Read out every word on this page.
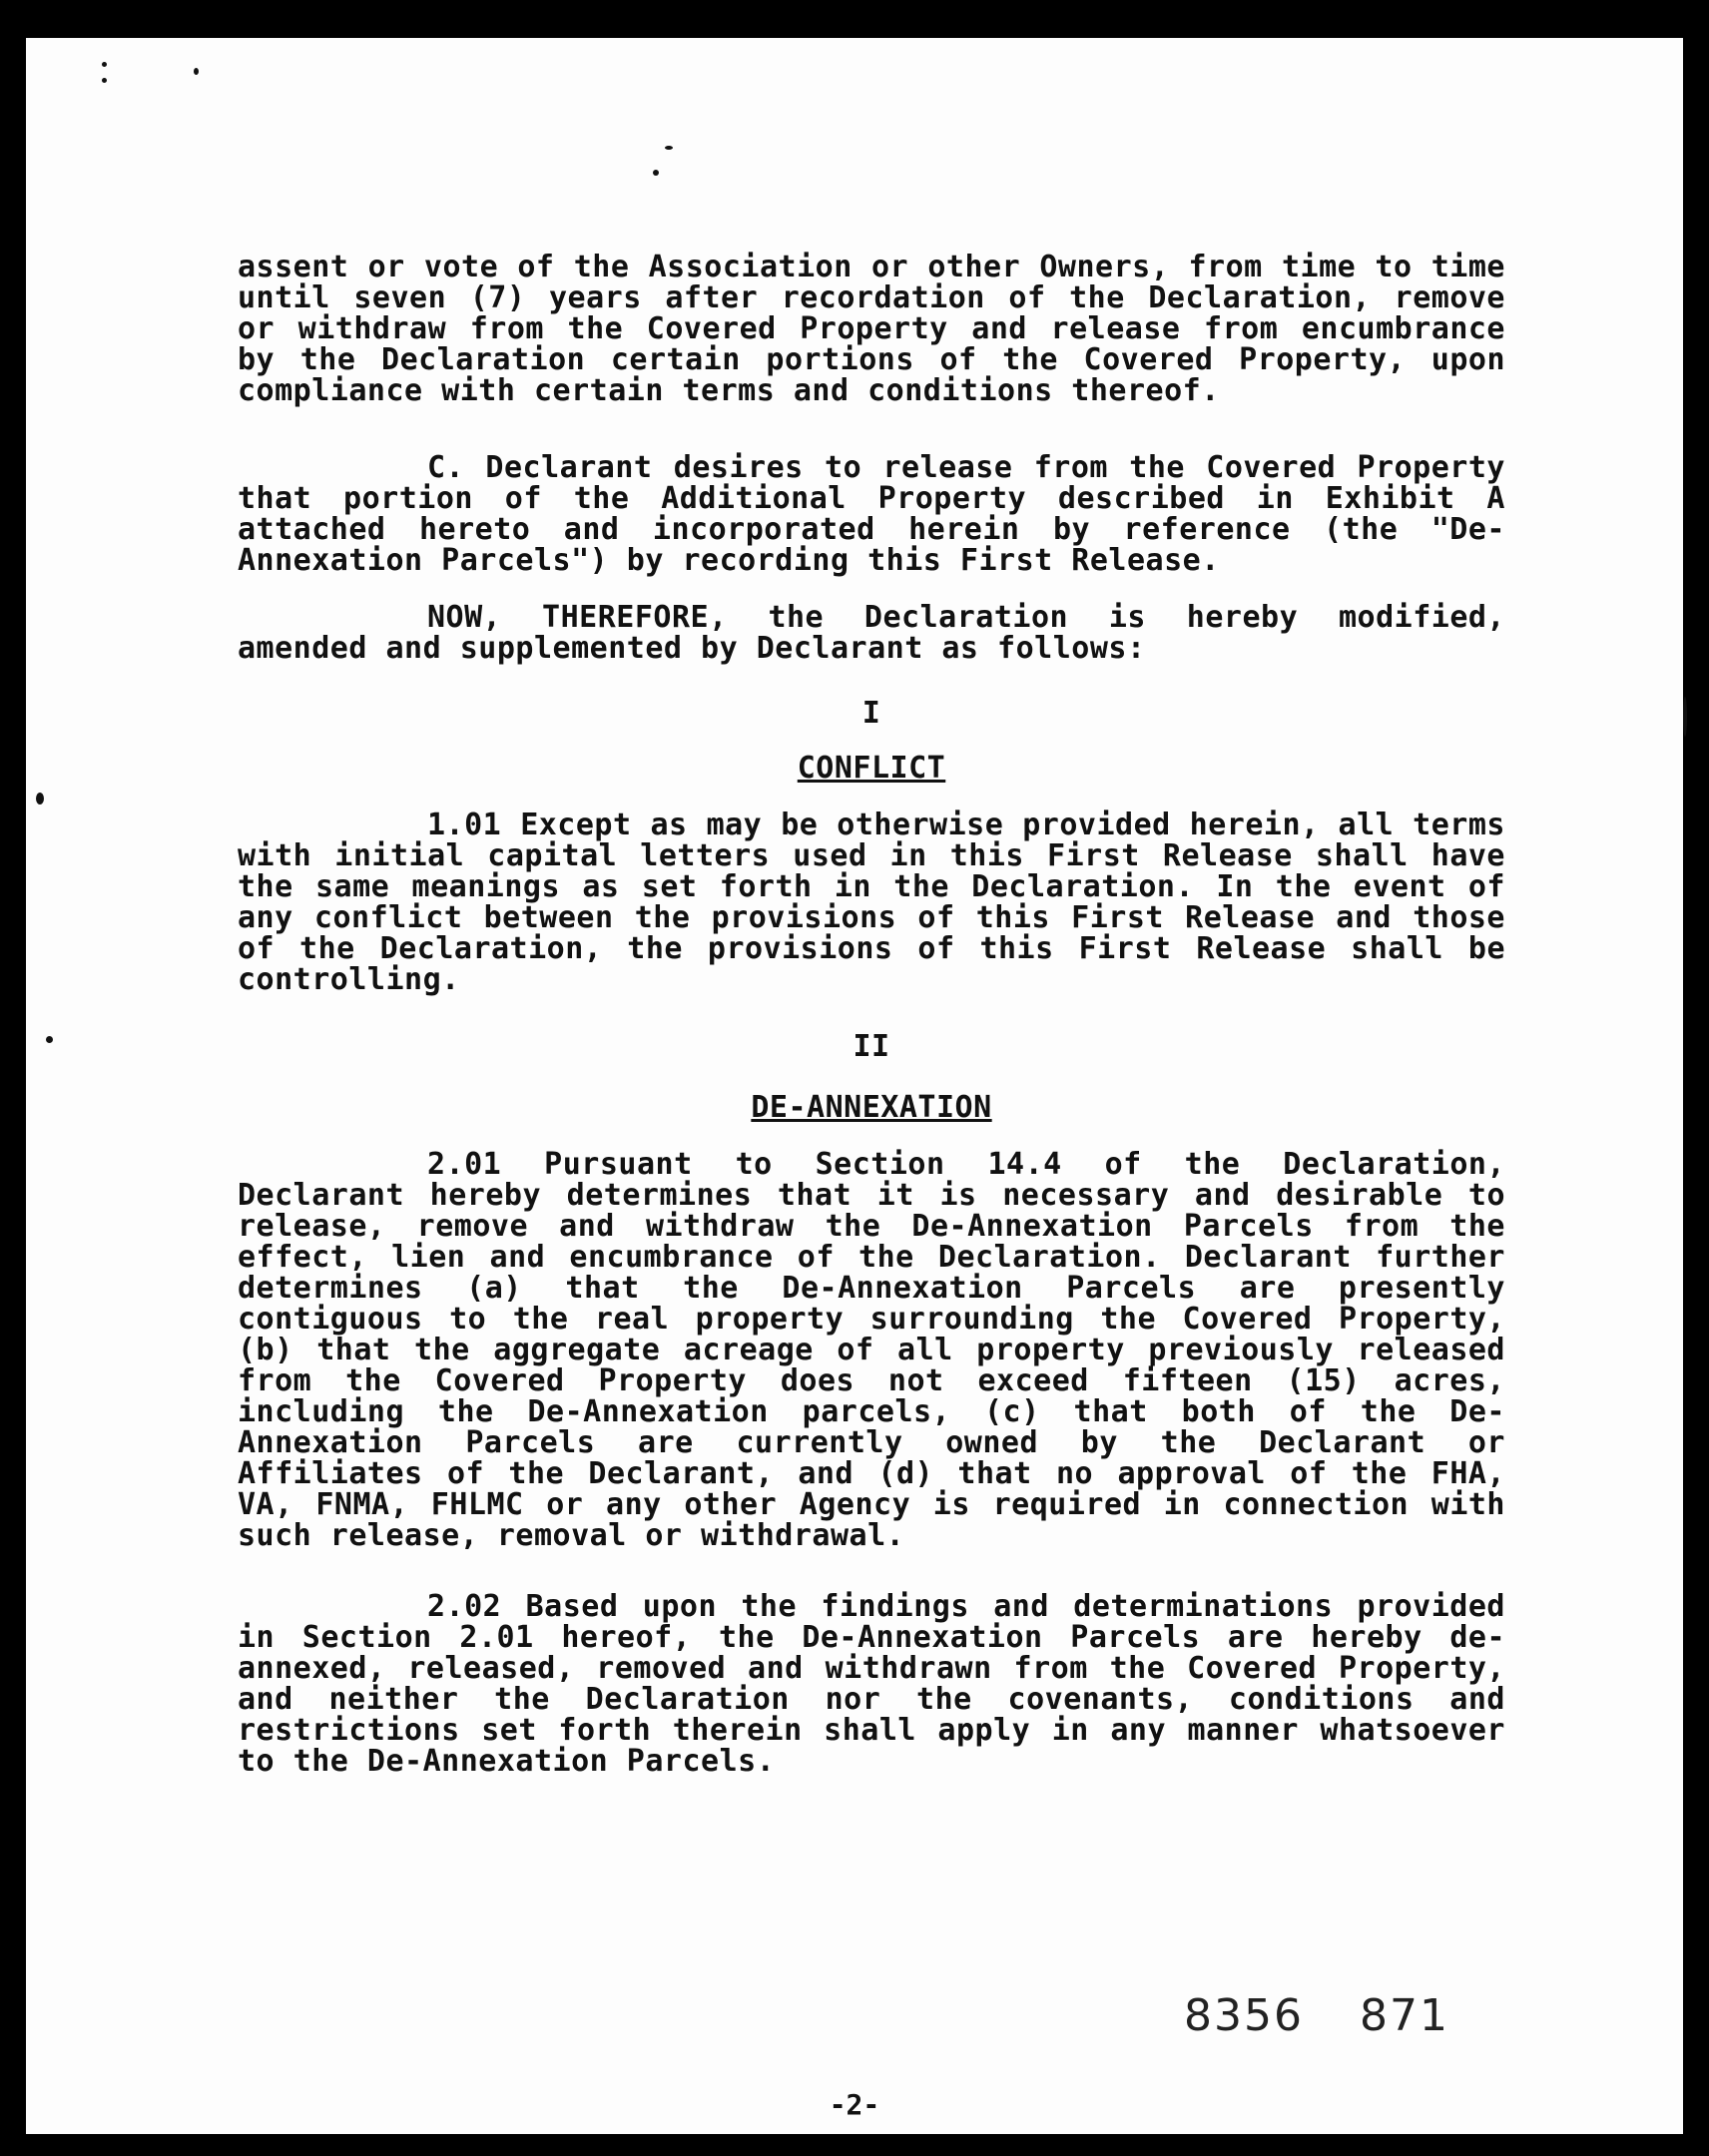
assent or vote of the Association or other Owners, from time to time until seven (7) years after recordation of the Declaration, remove or withdraw from the Covered Property and release from encumbrance by the Declaration certain portions of the Covered Property, upon compliance with certain terms and conditions thereof.

C. Declarant desires to release from the Covered Property that portion of the Additional Property described in Exhibit A attached hereto and incorporated herein by reference (the "De-Annexation Parcels") by recording this First Release.

NOW, THEREFORE, the Declaration is hereby modified, amended and supplemented by Declarant as follows:

I

CONFLICT

1.01 Except as may be otherwise provided herein, all terms with initial capital letters used in this First Release shall have the same meanings as set forth in the Declaration. In the event of any conflict between the provisions of this First Release and those of the Declaration, the provisions of this First Release shall be controlling.

II

DE-ANNEXATION

2.01 Pursuant to Section 14.4 of the Declaration, Declarant hereby determines that it is necessary and desirable to release, remove and withdraw the De-Annexation Parcels from the effect, lien and encumbrance of the Declaration. Declarant further determines (a) that the De-Annexation Parcels are presently contiguous to the real property surrounding the Covered Property, (b) that the aggregate acreage of all property previously released from the Covered Property does not exceed fifteen (15) acres, including the De-Annexation parcels, (c) that both of the De-Annexation Parcels are currently owned by the Declarant or Affiliates of the Declarant, and (d) that no approval of the FHA, VA, FNMA, FHLMC or any other Agency is required in connection with such release, removal or withdrawal.

2.02 Based upon the findings and determinations provided in Section 2.01 hereof, the De-Annexation Parcels are hereby de-annexed, released, removed and withdrawn from the Covered Property, and neither the Declaration nor the covenants, conditions and restrictions set forth therein shall apply in any manner whatsoever to the De-Annexation Parcels.

8356 871
-2-
